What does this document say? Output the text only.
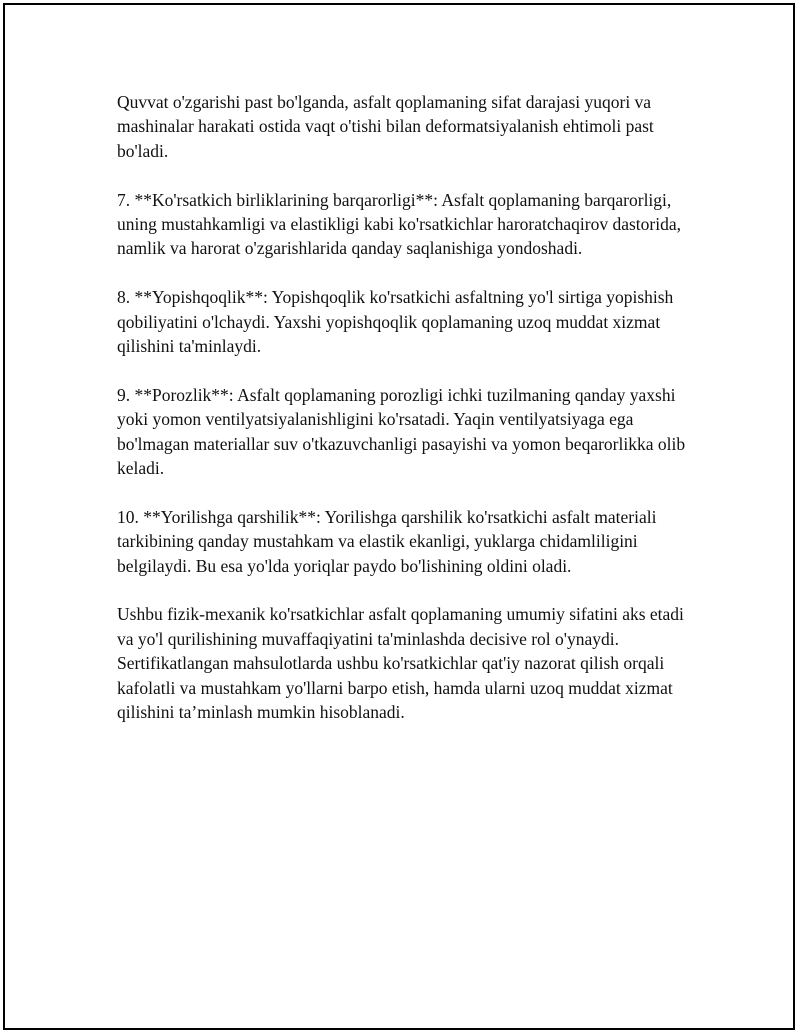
Quvvat o'zgarishi past bo'lganda, asfalt qoplamaning sifat darajasi yuqori va mashinalar harakati ostida vaqt o'tishi bilan deformatsiyalanish ehtimoli past bo'ladi.

7. **Ko'rsatkich birliklarining barqarorligi**: Asfalt qoplamaning barqarorligi, uning mustahkamligi va elastikligi kabi ko'rsatkichlar haroratchaqirov dastorida, namlik va harorat o'zgarishlarida qanday saqlanishiga yondoshadi.

8. **Yopishqoqlik**: Yopishqoqlik ko'rsatkichi asfaltning yo'l sirtiga yopishish qobiliyatini o'lchaydi. Yaxshi yopishqoqlik qoplamaning uzoq muddat xizmat qilishini ta'minlaydi.

9. **Porozlik**: Asfalt qoplamaning porozligi ichki tuzilmaning qanday yaxshi yoki yomon ventilyatsiyalanishligini ko'rsatadi. Yaqin ventilyatsiyaga ega bo'lmagan materiallar suv o'tkazuvchanligi pasayishi va yomon beqarorlikka olib keladi.

10. **Yorilishga qarshilik**: Yorilishga qarshilik ko'rsatkichi asfalt materiali tarkibining qanday mustahkam va elastik ekanligi, yuklarga chidamliligini belgilaydi. Bu esa yo'lda yoriqlar paydo bo'lishining oldini oladi.

Ushbu fizik-mexanik ko'rsatkichlar asfalt qoplamaning umumiy sifatini aks etadi va yo'l qurilishining muvaffaqiyatini ta'minlashda decisive rol o'ynaydi. Sertifikatlangan mahsulotlarda ushbu ko'rsatkichlar qat'iy nazorat qilish orqali kafolatli va mustahkam yo'llarni barpo etish, hamda ularni uzoq muddat xizmat qilishini ta’minlash mumkin hisoblanadi.
